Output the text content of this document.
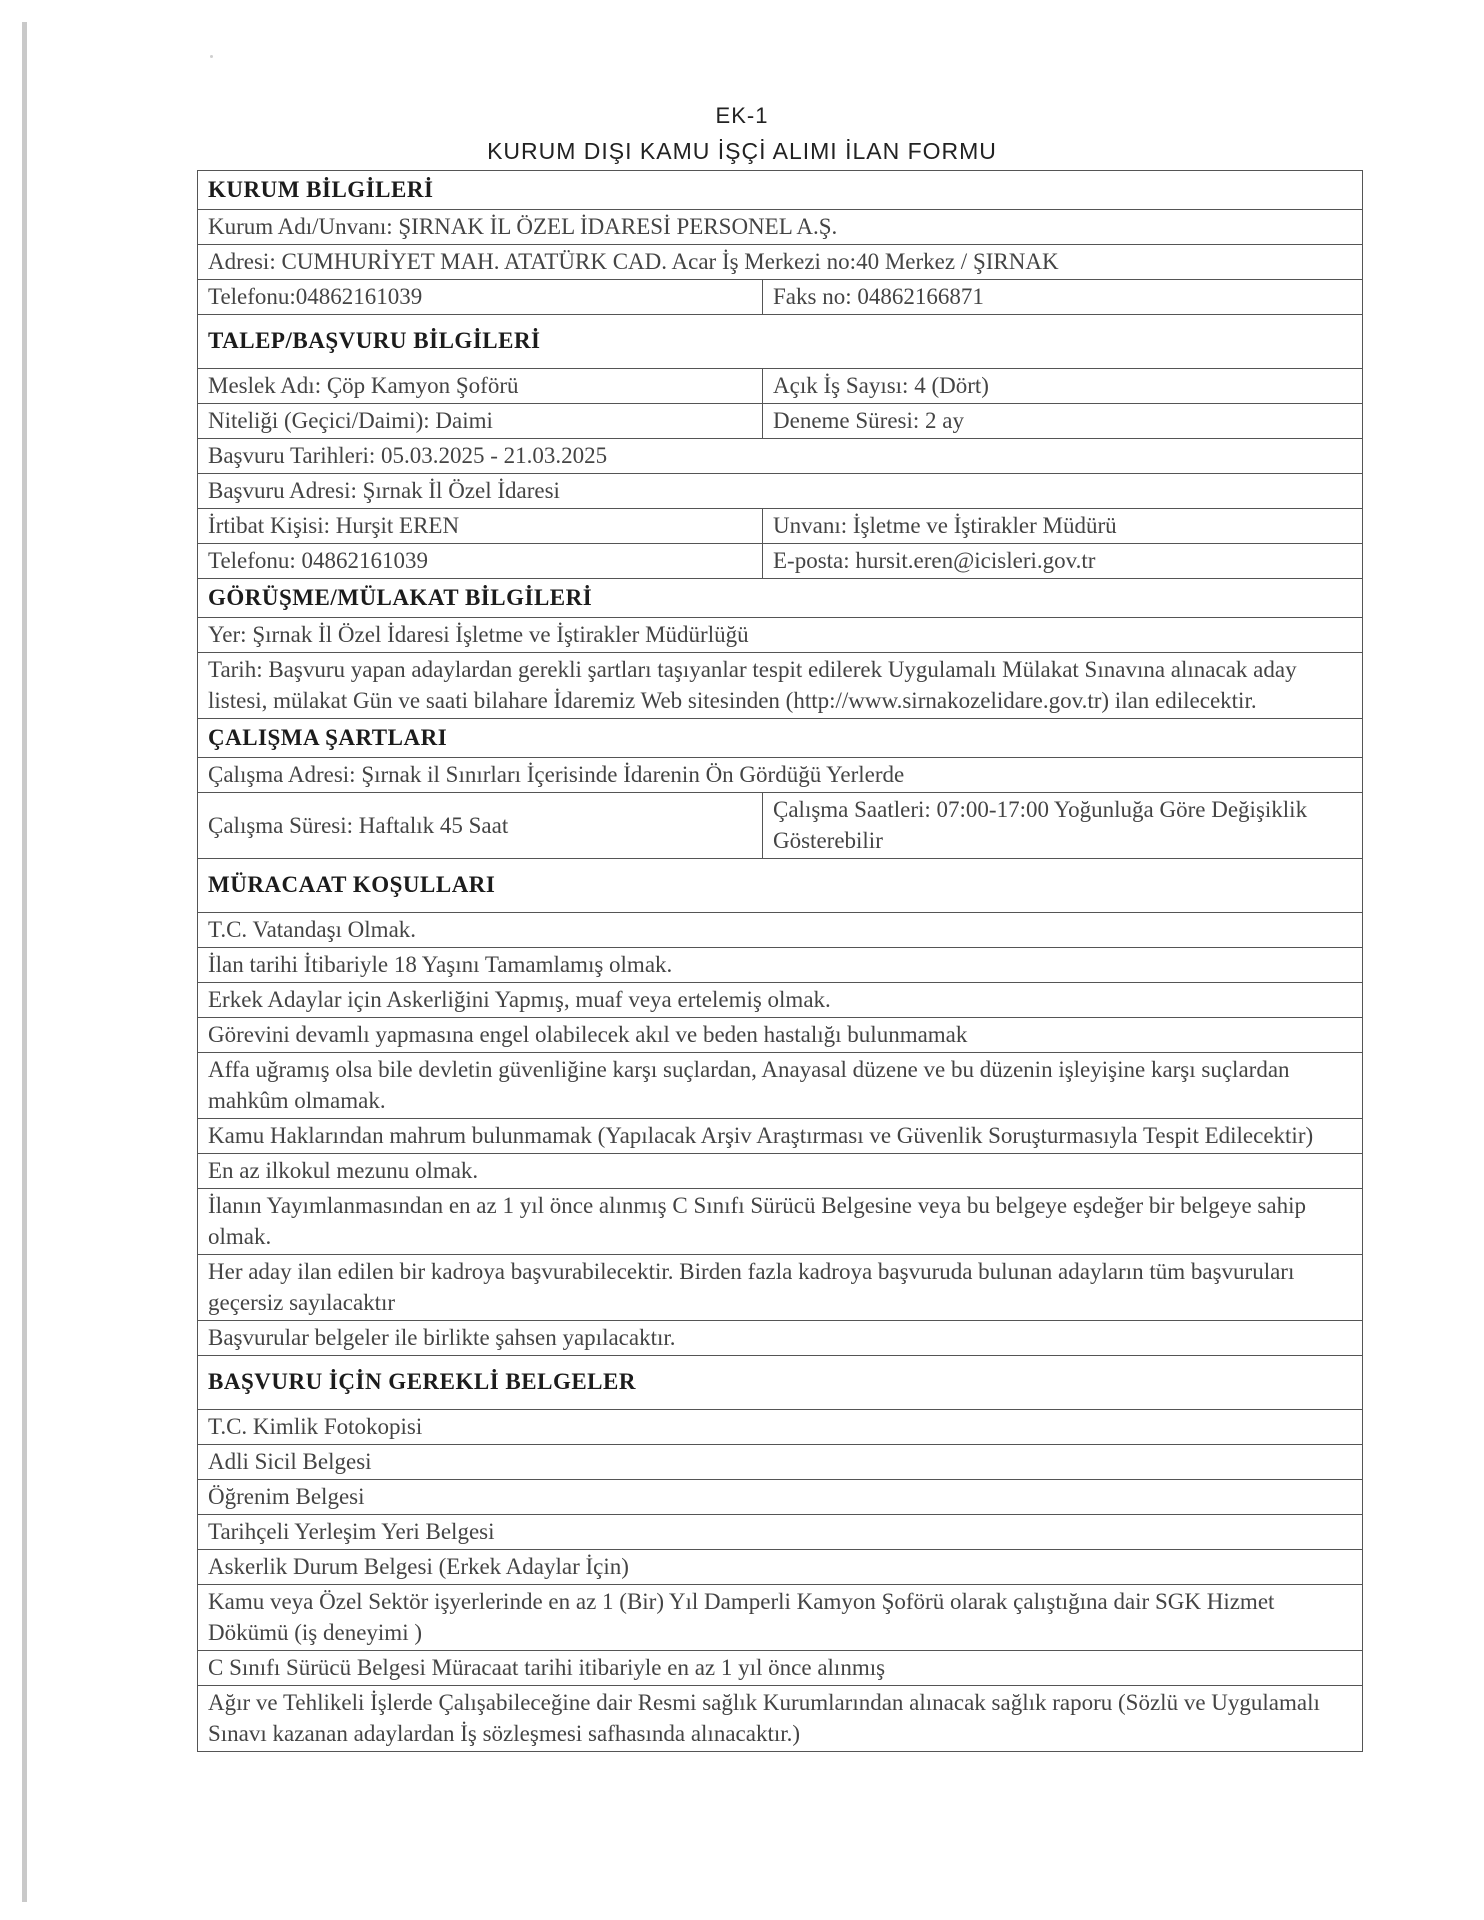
EK-1
KURUM DIŞI KAMU İŞÇİ ALIMI İLAN FORMU
KURUM BİLGİLERİ	
Kurum Adı/Unvanı: ŞIRNAK İL ÖZEL İDARESİ PERSONEL A.Ş.	
Adresi: CUMHURİYET MAH. ATATÜRK CAD. Acar İş Merkezi no:40 Merkez / ŞIRNAK	
Telefonu:04862161039	Faks no: 04862166871
TALEP/BAŞVURU BİLGİLERİ	
Meslek Adı: Çöp Kamyon Şoförü	Açık İş Sayısı: 4 (Dört)
Niteliği (Geçici/Daimi): Daimi	Deneme Süresi: 2 ay
Başvuru Tarihleri: 05.03.2025 - 21.03.2025	
Başvuru Adresi: Şırnak İl Özel İdaresi	
İrtibat Kişisi: Hurşit EREN	Unvanı: İşletme ve İştirakler Müdürü
Telefonu: 04862161039	E-posta: hursit.eren@icisleri.gov.tr
GÖRÜŞME/MÜLAKAT BİLGİLERİ	
Yer: Şırnak İl Özel İdaresi İşletme ve İştirakler Müdürlüğü	
Tarih: Başvuru yapan adaylardan gerekli şartları taşıyanlar tespit edilerek Uygulamalı Mülakat Sınavına alınacak aday listesi, mülakat Gün ve saati bilahare İdaremiz Web sitesinden (http://www.sirnakozelidare.gov.tr) ilan edilecektir.	
ÇALIŞMA ŞARTLARI	
Çalışma Adresi: Şırnak il Sınırları İçerisinde İdarenin Ön Gördüğü Yerlerde	
Çalışma Süresi: Haftalık 45 Saat	Çalışma Saatleri: 07:00-17:00 Yoğunluğa Göre Değişiklik Gösterebilir
MÜRACAAT KOŞULLARI	
T.C. Vatandaşı Olmak.	
İlan tarihi İtibariyle 18 Yaşını Tamamlamış olmak.	
Erkek Adaylar için Askerliğini Yapmış, muaf veya ertelemiş olmak.	
Görevini devamlı yapmasına engel olabilecek akıl ve beden hastalığı bulunmamak	
Affa uğramış olsa bile devletin güvenliğine karşı suçlardan, Anayasal düzene ve bu düzenin işleyişine karşı suçlardan mahkûm olmamak.	
Kamu Haklarından mahrum bulunmamak (Yapılacak Arşiv Araştırması ve Güvenlik Soruşturmasıyla Tespit Edilecektir)	
En az ilkokul mezunu olmak.	
İlanın Yayımlanmasından en az 1 yıl önce alınmış C Sınıfı Sürücü Belgesine veya bu belgeye eşdeğer bir belgeye sahip olmak.	
Her aday ilan edilen bir kadroya başvurabilecektir. Birden fazla kadroya başvuruda bulunan adayların tüm başvuruları geçersiz sayılacaktır	
Başvurular belgeler ile birlikte şahsen yapılacaktır.	
BAŞVURU İÇİN GEREKLİ BELGELER	
T.C. Kimlik Fotokopisi	
Adli Sicil Belgesi	
Öğrenim Belgesi	
Tarihçeli Yerleşim Yeri Belgesi	
Askerlik Durum Belgesi (Erkek Adaylar İçin)	
Kamu veya Özel Sektör işyerlerinde en az 1 (Bir) Yıl Damperli Kamyon Şoförü olarak çalıştığına dair SGK Hizmet Dökümü (iş deneyimi )	
C Sınıfı Sürücü Belgesi Müracaat tarihi itibariyle en az 1 yıl önce alınmış	
Ağır ve Tehlikeli İşlerde Çalışabileceğine dair Resmi sağlık Kurumlarından alınacak sağlık raporu (Sözlü ve Uygulamalı Sınavı kazanan adaylardan İş sözleşmesi safhasında alınacaktır.)	
